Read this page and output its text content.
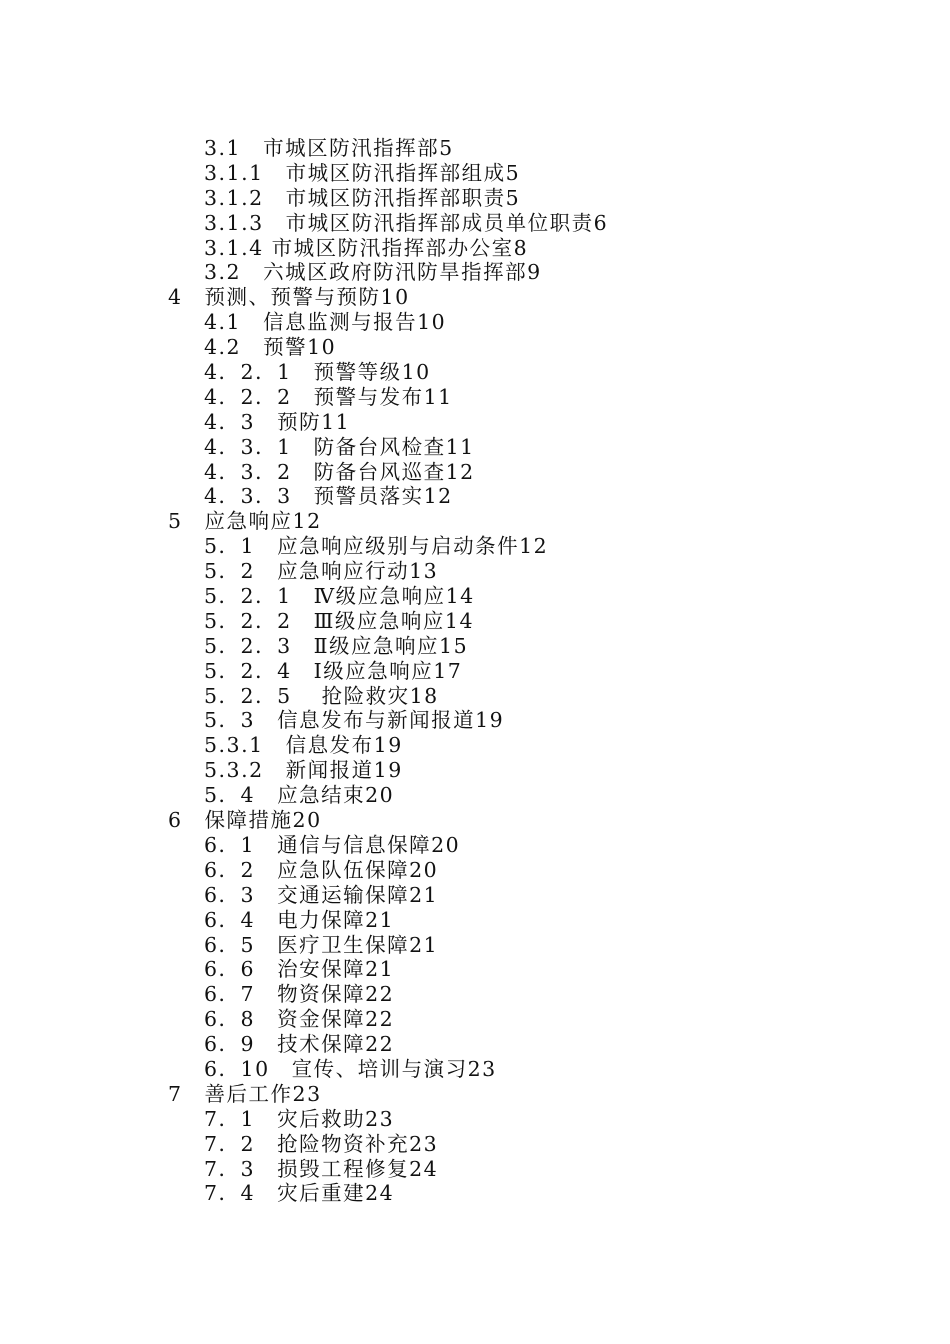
3.1　市城区防汛指挥部5
3.1.1　市城区防汛指挥部组成5
3.1.2　市城区防汛指挥部职责5
3.1.3　市城区防汛指挥部成员单位职责6
3.1.4 市城区防汛指挥部办公室8
3.2　六城区政府防汛防旱指挥部9
4　预测、预警与预防10
4.1　信息监测与报告10
4.2　预警10
4．2．1　预警等级10
4．2．2　预警与发布11
4．3　预防11
4．3．1　防备台风检查11
4．3．2　防备台风巡查12
4．3．3　预警员落实12
5　应急响应12
5．1　应急响应级别与启动条件12
5．2　应急响应行动13
5．2．1　Ⅳ级应急响应14
5．2．2　Ⅲ级应急响应14
5．2．3　Ⅱ级应急响应15
5．2．4　Ⅰ级应急响应17
5．2．5　 抢险救灾18
5．3　信息发布与新闻报道19
5.3.1　信息发布19
5.3.2　新闻报道19
5．4　应急结束20
6　保障措施20
6．1　通信与信息保障20
6．2　应急队伍保障20
6．3　交通运输保障21
6．4　电力保障21
6．5　医疗卫生保障21
6．6　治安保障21
6．7　物资保障22
6．8　资金保障22
6．9　技术保障22
6．10　宣传、培训与演习23
7　善后工作23
7．1　灾后救助23
7．2　抢险物资补充23
7．3　损毁工程修复24
7．4　灾后重建24
